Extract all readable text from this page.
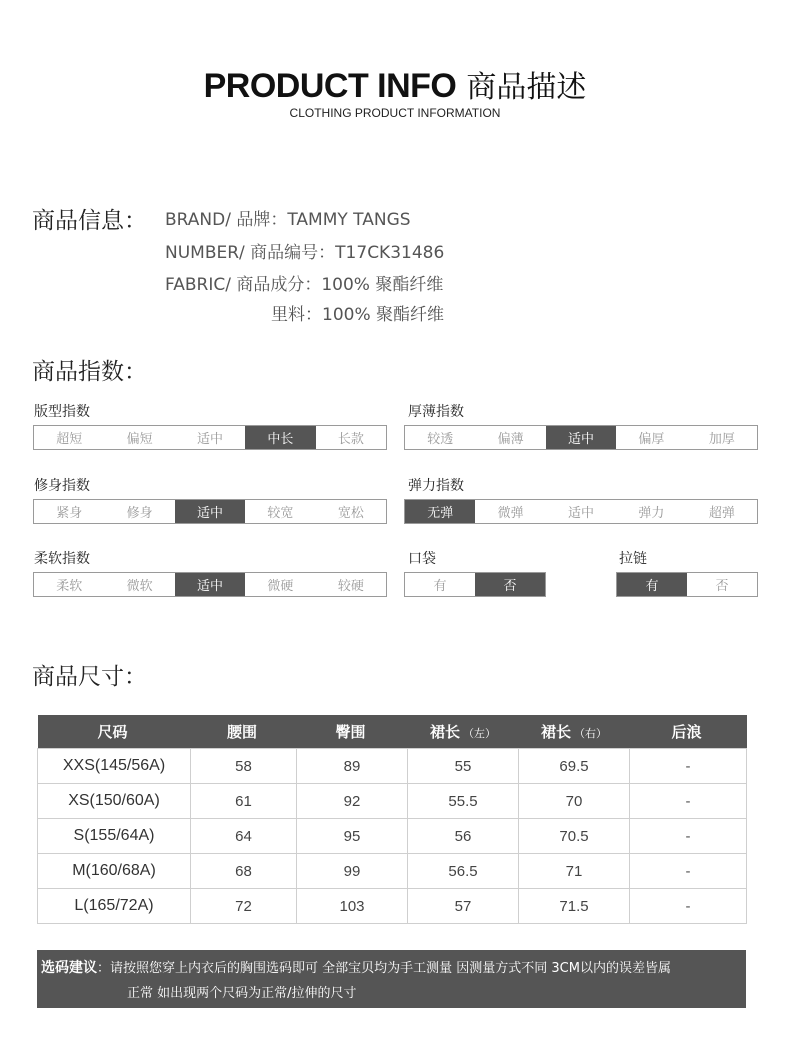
PRODUCT INFO 商品描述
CLOTHING PRODUCT INFORMATION
商品信息： BRAND/ 品牌：TAMMY TANGS
NUMBER/ 商品编号：T17CK31486
FABRIC/ 商品成分：100% 聚酯纤维
里料：100% 聚酯纤维
商品指数：
版型指数
超短	偏短	适中	中长	长款
厚薄指数
较透	偏薄	适中	偏厚	加厚
修身指数
紧身	修身	适中	较宽	宽松
弹力指数
无弹	微弹	适中	弹力	超弹
柔软指数
柔软	微软	适中	微硬	较硬
口袋
有	否
拉链
有	否
商品尺寸：
尺码	腰围	臀围	裙长 （左）	裙长 （右）	后浪
XXS(145/56A)	58	89	55	69.5	-
XS(150/60A)	61	92	55.5	70	-
S(155/64A)	64	95	56	70.5	-
M(160/68A)	68	99	56.5	71	-
L(165/72A)	72	103	57	71.5	-
选码建议：请按照您穿上内衣后的胸围选码即可 全部宝贝均为手工测量 因测量方式不同 3CM以内的误差皆属
正常 如出现两个尺码为正常/拉伸的尺寸
